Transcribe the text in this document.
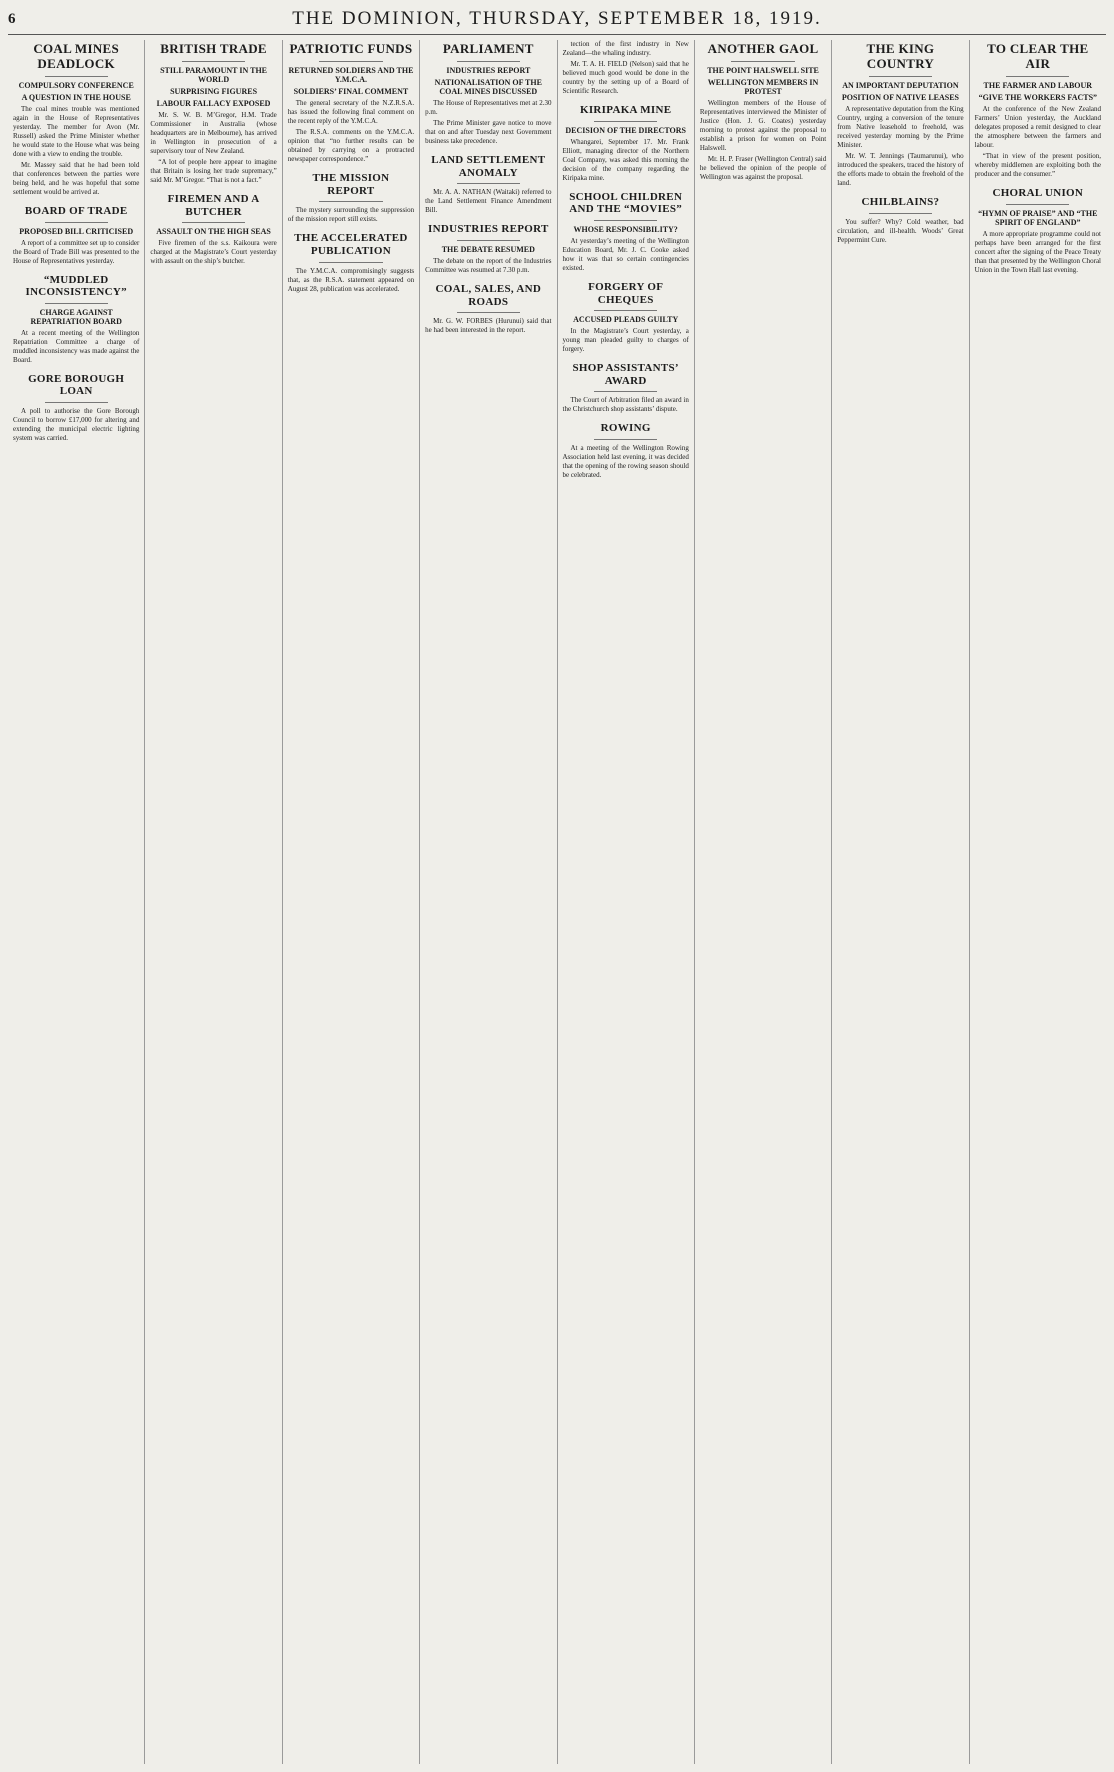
6	THE DOMINION, THURSDAY, SEPTEMBER 18, 1919.
COAL MINES DEADLOCK
COMPULSORY CONFERENCE
A QUESTION IN THE HOUSE

The coal mines trouble was mentioned again in the House of Representatives yesterday. The member for Avon (Mr. Russell) asked the Prime Minister whether he would state to the House what was being done with a view to ending the trouble.

Mr. Massey said that he had been told that conferences between the parties were being held, and he was hopeful that some settlement would be arrived at.

BOARD OF TRADE
PROPOSED BILL CRITICISED

A report of a committee set up to consider the Board of Trade Bill was presented to the House of Representatives yesterday.

“MUDDLED INCONSISTENCY”
CHARGE AGAINST REPATRIATION BOARD

At a recent meeting of the Wellington Repatriation Committee a charge of muddled inconsistency was made against the Board.

GORE BOROUGH LOAN

A poll to authorise the Gore Borough Council to borrow £17,000 for altering and extending the municipal electric lighting system was carried.

BRITISH TRADE
STILL PARAMOUNT IN THE WORLD
SURPRISING FIGURES
LABOUR FALLACY EXPOSED

Mr. S. W. B. M’Gregor, H.M. Trade Commissioner in Australia (whose headquarters are in Melbourne), has arrived in Wellington in prosecution of a supervisory tour of New Zealand.

“A lot of people here appear to imagine that Britain is losing her trade supremacy,” said Mr. M’Gregor. “That is not a fact.”

FIREMEN AND A BUTCHER
ASSAULT ON THE HIGH SEAS

Five firemen of the s.s. Kaikoura were charged at the Magistrate’s Court yesterday with assault on the ship’s butcher.

PATRIOTIC FUNDS
RETURNED SOLDIERS AND THE Y.M.C.A.
SOLDIERS’ FINAL COMMENT

The general secretary of the N.Z.R.S.A. has issued the following final comment on the recent reply of the Y.M.C.A.

The R.S.A. comments on the Y.M.C.A. opinion that “no further results can be obtained by carrying on a protracted newspaper correspondence.”

THE MISSION REPORT

The mystery surrounding the suppression of the mission report still exists.

THE ACCELERATED PUBLICATION

The Y.M.C.A. compromisingly suggests that, as the R.S.A. statement appeared on August 28, publication was accelerated.

PARLIAMENT
INDUSTRIES REPORT
NATIONALISATION OF THE COAL MINES DISCUSSED

The House of Representatives met at 2.30 p.m.

The Prime Minister gave notice to move that on and after Tuesday next Government business take precedence.

LAND SETTLEMENT ANOMALY

Mr. A. A. NATHAN (Waitaki) referred to the Land Settlement Finance Amendment Bill.

INDUSTRIES REPORT
THE DEBATE RESUMED

The debate on the report of the Industries Committee was resumed at 7.30 p.m.

COAL, SALES, AND ROADS

Mr. G. W. FORBES (Hurunui) said that he had been interested in the report.

tection of the first industry in New Zealand—the whaling industry.

Mr. T. A. H. FIELD (Nelson) said that he believed much good would be done in the country by the setting up of a Board of Scientific Research.

KIRIPAKA MINE
DECISION OF THE DIRECTORS

Whangarei, September 17. Mr. Frank Elliott, managing director of the Northern Coal Company, was asked this morning the decision of the company regarding the Kiripaka mine.

SCHOOL CHILDREN AND THE “MOVIES”
WHOSE RESPONSIBILITY?

At yesterday’s meeting of the Wellington Education Board, Mr. J. C. Cooke asked how it was that so certain contingencies existed.

FORGERY OF CHEQUES
ACCUSED PLEADS GUILTY

In the Magistrate’s Court yesterday, a young man pleaded guilty to charges of forgery.

SHOP ASSISTANTS’ AWARD

The Court of Arbitration filed an award in the Christchurch shop assistants’ dispute.

ROWING

At a meeting of the Wellington Rowing Association held last evening, it was decided that the opening of the rowing season should be celebrated.

ANOTHER GAOL
THE POINT HALSWELL SITE
WELLINGTON MEMBERS IN PROTEST

Wellington members of the House of Representatives interviewed the Minister of Justice (Hon. J. G. Coates) yesterday morning to protest against the proposal to establish a prison for women on Point Halswell.

Mr. H. P. Fraser (Wellington Central) said he believed the opinion of the people of Wellington was against the proposal.

THE KING COUNTRY
AN IMPORTANT DEPUTATION
POSITION OF NATIVE LEASES

A representative deputation from the King Country, urging a conversion of the tenure from Native leasehold to freehold, was received yesterday morning by the Prime Minister.

Mr. W. T. Jennings (Taumarunui), who introduced the speakers, traced the history of the efforts made to obtain the freehold of the land.

CHILBLAINS?

You suffer? Why? Cold weather, bad circulation, and ill-health. Woods’ Great Peppermint Cure.

TO CLEAR THE AIR
THE FARMER AND LABOUR
“GIVE THE WORKERS FACTS”

At the conference of the New Zealand Farmers’ Union yesterday, the Auckland delegates proposed a remit designed to clear the atmosphere between the farmers and labour.

“That in view of the present position, whereby middlemen are exploiting both the producer and the consumer.”

CHORAL UNION
“HYMN OF PRAISE” AND “THE SPIRIT OF ENGLAND”

A more appropriate programme could not perhaps have been arranged for the first concert after the signing of the Peace Treaty than that presented by the Wellington Choral Union in the Town Hall last evening.
